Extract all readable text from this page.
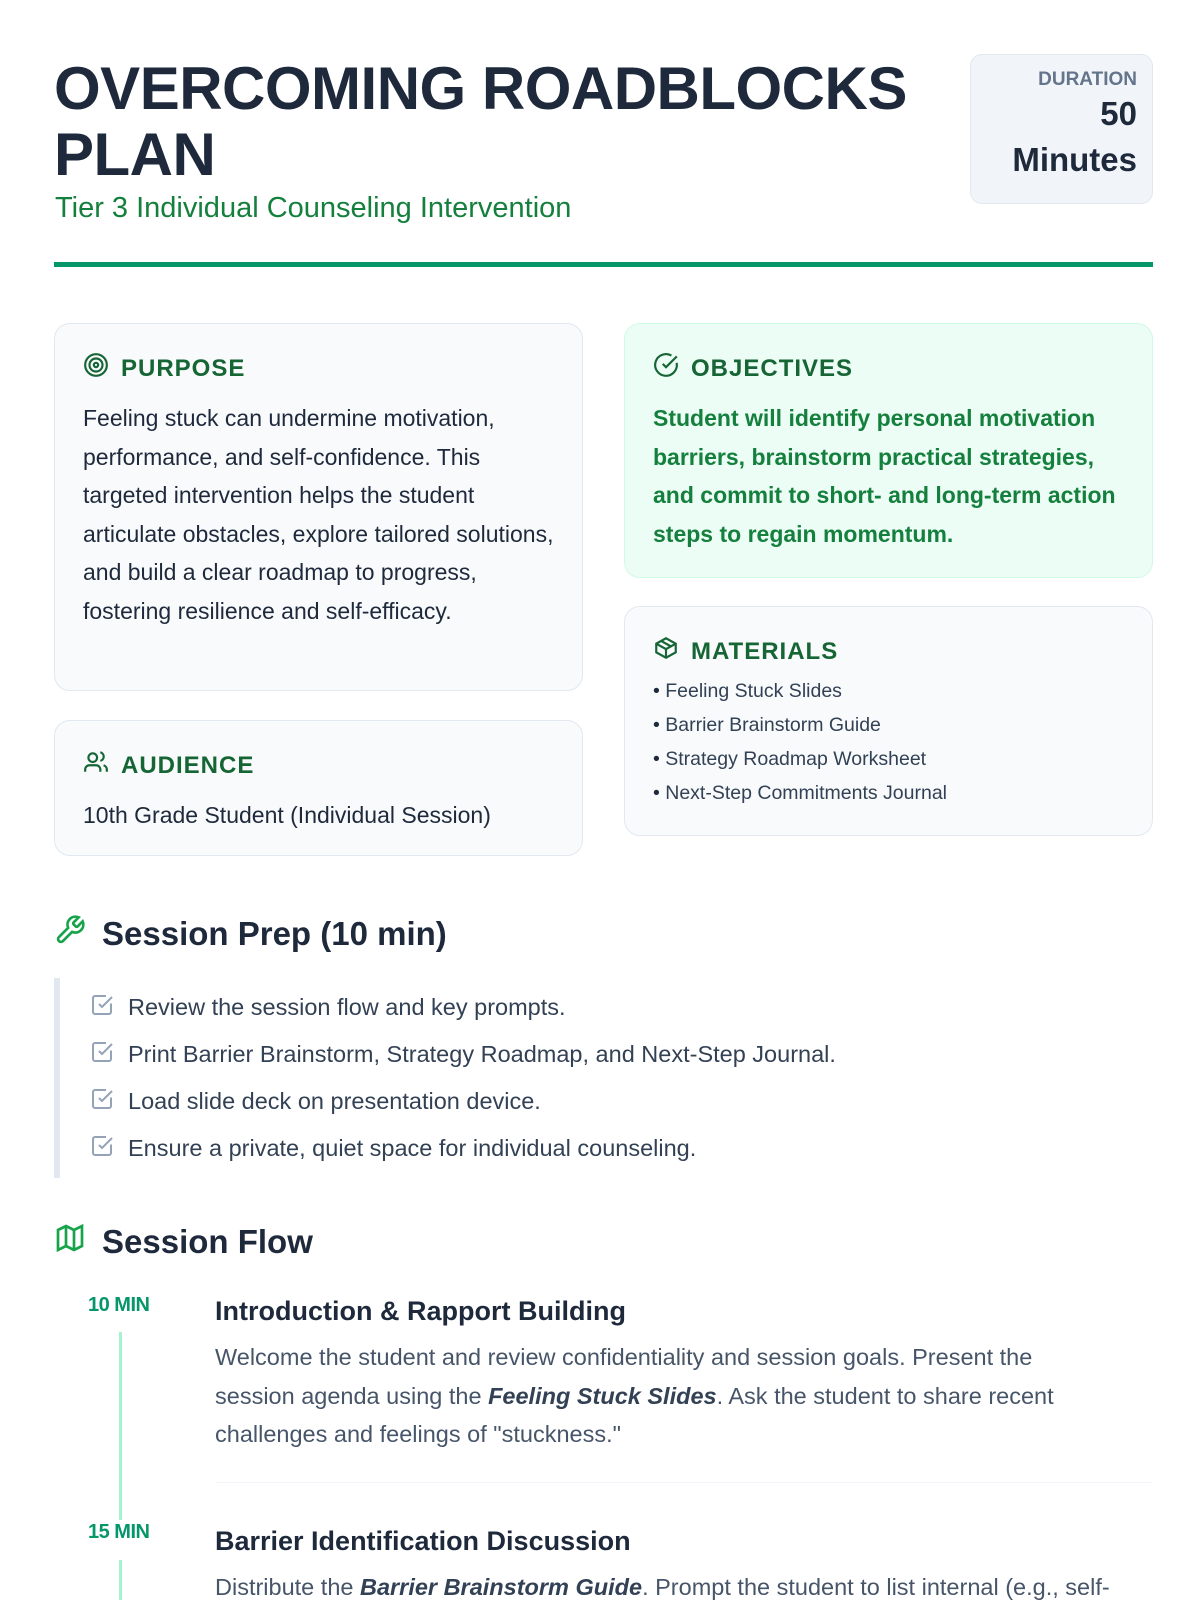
OVERCOMING ROADBLOCKS PLAN
Tier 3 Individual Counseling Intervention
DURATION
50
Minutes
PURPOSE
Feeling stuck can undermine motivation, performance, and self-confidence. This targeted intervention helps the student articulate obstacles, explore tailored solutions, and build a clear roadmap to progress, fostering resilience and self-efficacy.
AUDIENCE
10th Grade Student (Individual Session)
OBJECTIVES
Student will identify personal motivation barriers, brainstorm practical strategies, and commit to short- and long-term action steps to regain momentum.
MATERIALS
• Feeling Stuck Slides
• Barrier Brainstorm Guide
• Strategy Roadmap Worksheet
• Next-Step Commitments Journal
Session Prep (10 min)
Review the session flow and key prompts.
Print Barrier Brainstorm, Strategy Roadmap, and Next-Step Journal.
Load slide deck on presentation device.
Ensure a private, quiet space for individual counseling.
Session Flow
10 MIN Introduction & Rapport Building
Welcome the student and review confidentiality and session goals. Present the session agenda using the Feeling Stuck Slides. Ask the student to share recent challenges and feelings of "stuckness."
15 MIN Barrier Identification Discussion
Distribute the Barrier Brainstorm Guide. Prompt the student to list internal (e.g., self-
